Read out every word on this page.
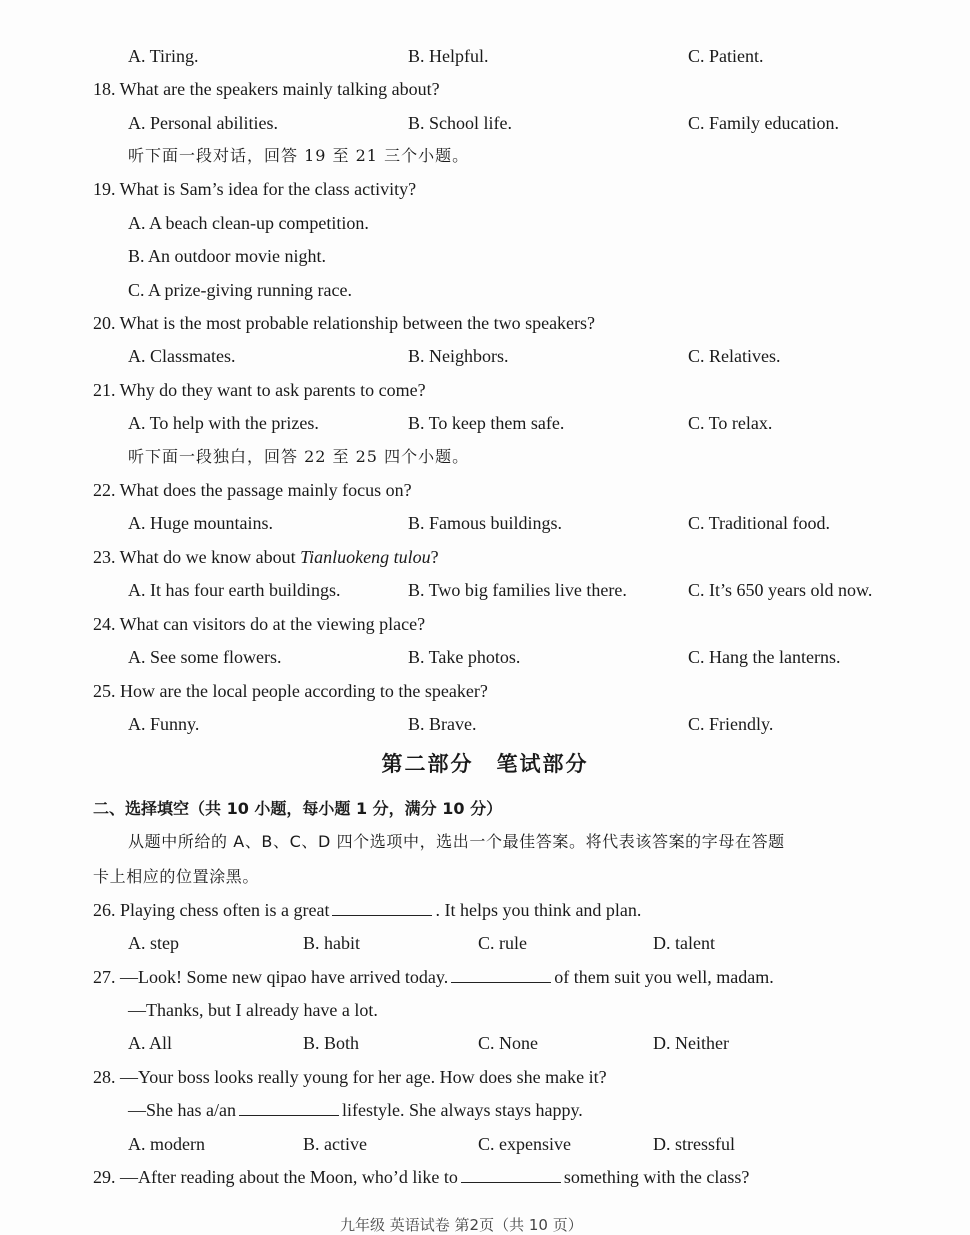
A. Tiring.	B. Helpful.	C. Patient.
18. What are the speakers mainly talking about?
A. Personal abilities.	B. School life.	C. Family education.
听下面一段对话，回答 19 至 21 三个小题。
19. What is Sam’s idea for the class activity?
A. A beach clean-up competition.
B. An outdoor movie night.
C. A prize-giving running race.
20. What is the most probable relationship between the two speakers?
A. Classmates.	B. Neighbors.	C. Relatives.
21. Why do they want to ask parents to come?
A. To help with the prizes.	B. To keep them safe.	C. To relax.
听下面一段独白，回答 22 至 25 四个小题。
22. What does the passage mainly focus on?
A. Huge mountains.	B. Famous buildings.	C. Traditional food.
23. What do we know about Tianluokeng tulou?
A. It has four earth buildings.	B. Two big families live there.	C. It’s 650 years old now.
24. What can visitors do at the viewing place?
A. See some flowers.	B. Take photos.	C. Hang the lanterns.
25. How are the local people according to the speaker?
A. Funny.	B. Brave.	C. Friendly.
第二部分　笔试部分
二、选择填空（共 10 小题，每小题 1 分，满分 10 分）
从题中所给的 A、B、C、D 四个选项中，选出一个最佳答案。将代表该答案的字母在答题
卡上相应的位置涂黑。
26. Playing chess often is a great	. It helps you think and plan.
A. step	B. habit	C. rule	D. talent
27. —Look! Some new qipao have arrived today.	of them suit you well, madam.
—Thanks, but I already have a lot.
A. All	B. Both	C. None	D. Neither
28. —Your boss looks really young for her age. How does she make it?
—She has a/an	lifestyle. She always stays happy.
A. modern	B. active	C. expensive	D. stressful
29. —After reading about the Moon, who’d like to	something with the class?
九年级 英语试卷 第2页（共 10 页）
